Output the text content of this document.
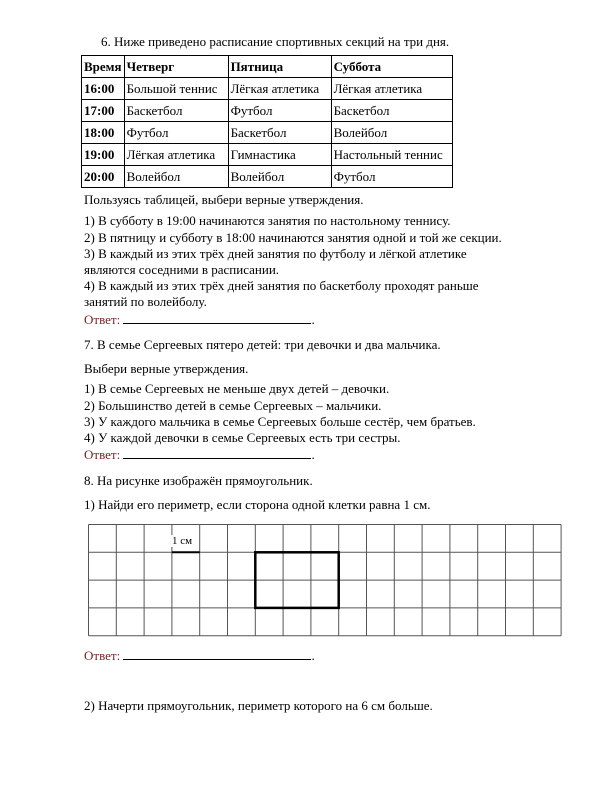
6. Ниже приведено расписание спортивных секций на три дня.
Время	Четверг	Пятница	Суббота
16:00	Большой теннис	Лёгкая атлетика	Лёгкая атлетика
17:00	Баскетбол	Футбол	Баскетбол
18:00	Футбол	Баскетбол	Волейбол
19:00	Лёгкая атлетика	Гимнастика	Настольный теннис
20:00	Волейбол	Волейбол	Футбол
Пользуясь таблицей, выбери верные утверждения.
1) В субботу в 19:00 начинаются занятия по настольному теннису.
2) В пятницу и субботу в 18:00 начинаются занятия одной и той же секции.
3) В каждый из этих трёх дней занятия по футболу и лёгкой атлетике
являются соседними в расписании.
4) В каждый из этих трёх дней занятия по баскетболу проходят раньше
занятий по волейболу.
Ответ:	.
7. В семье Сергеевых пятеро детей: три девочки и два мальчика.
Выбери верные утверждения.
1) В семье Сергеевых не меньше двух детей – девочки.
2) Большинство детей в семье Сергеевых – мальчики.
3) У каждого мальчика в семье Сергеевых больше сестёр, чем братьев.
4) У каждой девочки в семье Сергеевых есть три сестры.
Ответ:	.
8. На рисунке изображён прямоугольник.
1) Найди его периметр, если сторона одной клетки равна 1 см.
1 см
Ответ:	.
2) Начерти прямоугольник, периметр которого на 6 см больше.
